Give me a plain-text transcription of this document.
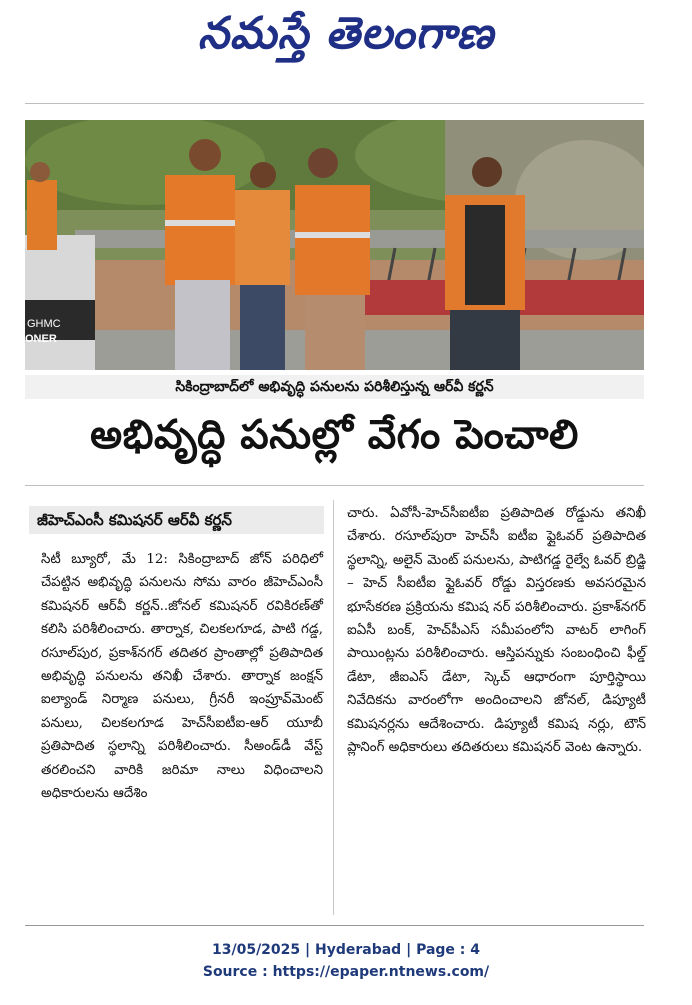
నమస్తే తెలంగాణ
GHMC
ONER
సికింద్రాబాద్‌లో అభివృద్ధి పనులను పరిశీలిస్తున్న ఆర్‌వీ కర్ణన్
అభివృద్ధి పనుల్లో వేగం పెంచాలి
జీహెచ్‌ఎంసీ కమిషనర్ ఆర్‌వీ కర్ణన్
సిటీ బ్యూరో, మే 12: సికింద్రాబాద్ జోన్ పరిధిలో చేపట్టిన అభివృద్ధి పనులను సోమ వారం జీహెచ్‌ఎంసీ కమిషనర్ ఆర్‌వీ కర్ణన్..జోనల్ కమిషనర్ రవికిరణ్‌తో కలిసి పరిశీలించారు. తార్నాక, చిలకలగూడ, పాటి గడ్డ, రసూల్‌పుర, ప్రకాశ్‌నగర్ తదితర ప్రాంతాల్లో ప్రతిపాదిత అభివృద్ధి పనులను తనిఖీ చేశారు. తార్నాక జంక్షన్ ఐల్యాండ్ నిర్మాణ పనులు, గ్రీనరీ ఇంప్రూవ్‌మెంట్ పనులు, చిలకలగూడ హెచ్‌సీఐటీఐ-ఆర్ యూబీ ప్రతిపాదిత స్థలాన్ని పరిశీలించారు. సీఅండ్‌డీ వేస్ట్ తరలించని వారికి జరిమా నాలు విధించాలని అధికారులను ఆదేశిం
చారు. ఏవోసీ-హెచ్‌సీఐటీఐ ప్రతిపాదిత రోడ్డును తనిఖీ చేశారు. రసూల్‌పురా హెచ్‌సీ ఐటీఐ ఫ్లైఓవర్ ప్రతిపాదిత స్థలాన్ని, అలైన్ మెంట్ పనులను, పాటిగడ్డ రైల్వే ఓవర్ బ్రిడ్జి – హెచ్ సీఐటీఐ ఫ్లైఓవర్ రోడ్డు విస్తరణకు అవసరమైన భూసేకరణ ప్రక్రియను కమిష నర్ పరిశీలించారు. ప్రకాశ్‌నగర్ ఐఏసీ బంక్, హెచ్‌పీఎస్ సమీపంలోని వాటర్ లాగింగ్ పాయింట్లను పరిశీలించారు. ఆస్తిపన్నుకు సంబంధించి ఫీల్డ్ డేటా, జీఐఎస్ డేటా, స్కెచ్ ఆధారంగా పూర్తిస్థాయి నివేదికను వారంలోగా అందించాలని జోనల్, డిప్యూటీ కమిషనర్లను ఆదేశించారు. డిప్యూటీ కమిష నర్లు, టౌన్ ప్లానింగ్ అధికారులు తదితరులు కమిషనర్ వెంట ఉన్నారు.
13/05/2025 | Hyderabad | Page : 4
Source : https://epaper.ntnews.com/
